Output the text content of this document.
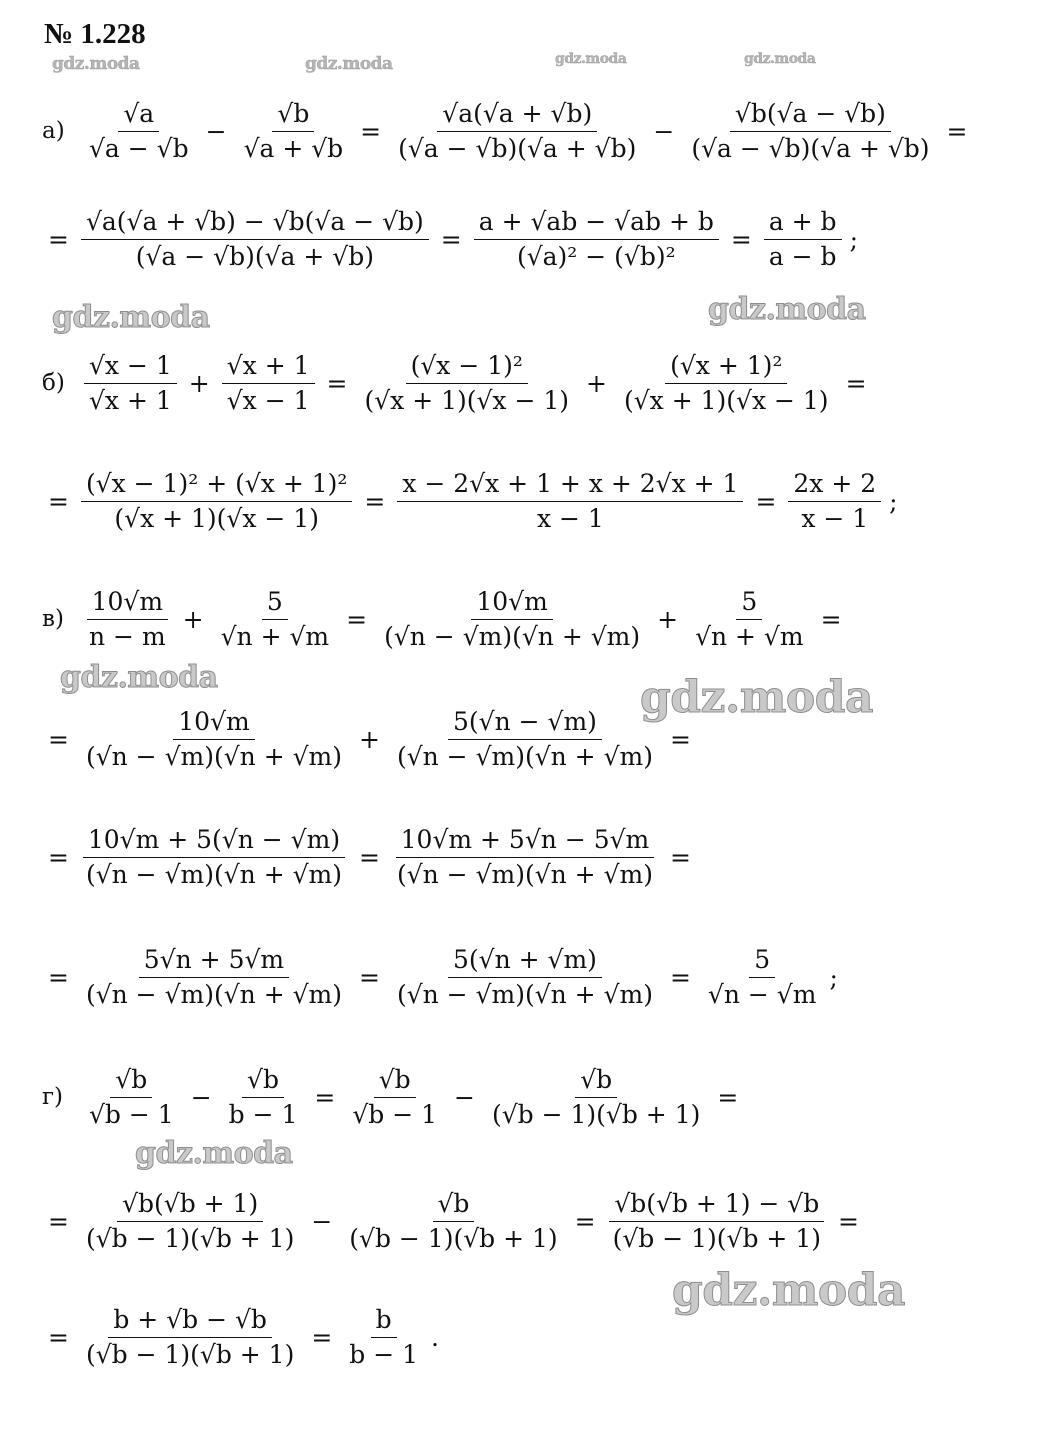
№ 1.228
gdz.moda	gdz.moda	gdz.moda	gdz.moda
gdz.moda	gdz.moda
gdz.moda	gdz.moda
gdz.moda
gdz.moda
$а) \frac{√a}{√a - √b} - \frac{√b}{√a + √b} = \frac{√a(√a + √b)}{(√a - √b)(√a + √b)} - \frac{√b(√a - √b)}{(√a - √b)(√a + √b)}$ =
= $\frac{√a(√a + √b) - √b(√a - √b)}{(√a - √b)(√a + √b)} = \frac{a + √ab - √ab + b}{\text{(√a)² − (√b)²}} = \frac{a + b}{a - b}$ ;
$б) \frac{√x - 1}{√x + 1} + \frac{√x + 1}{√x - 1} = \frac{\text{(√x − 1)²}}{(√x + 1)(√x - 1)} + \frac{\text{(√x + 1)²}}{(√x + 1)(√x - 1)}$ =
= $\frac{\text{(√x − 1)² + (√x + 1)²}}{(√x + 1)(√x - 1)} = \frac{x - 2√x + 1 + x + 2√x + 1}{x - 1} = \frac{2x + 2}{x - 1}$ ;
$в) \frac{10√m}{n - m} + \frac{5}{√n + √m} = \frac{10√m}{(√n - √m)(√n + √m)} + \frac{5}{√n + √m}$ =
= $\frac{10√m}{(√n - √m)(√n + √m)} + \frac{5(√n - √m)}{(√n - √m)(√n + √m)}$ =
= $\frac{10√m + 5(√n - √m)}{(√n - √m)(√n + √m)} = \frac{10√m + 5√n - 5√m}{(√n - √m)(√n + √m)}$ =
= $\frac{5√n + 5√m}{(√n - √m)(√n + √m)} = \frac{5(√n + √m)}{(√n - √m)(√n + √m)} = \frac{5}{√n - √m}$ ;
$г) \frac{√b}{√b - 1} - \frac{√b}{b - 1} = \frac{√b}{√b - 1} - \frac{√b}{(√b - 1)(√b + 1)}$ =
= $\frac{√b(√b + 1)}{(√b - 1)(√b + 1)} - \frac{√b}{(√b - 1)(√b + 1)} = \frac{√b(√b + 1) - √b}{(√b - 1)(√b + 1)}$ =
= $\frac{b + √b - √b}{(√b - 1)(√b + 1)} = \frac{b}{b - 1}$ .
